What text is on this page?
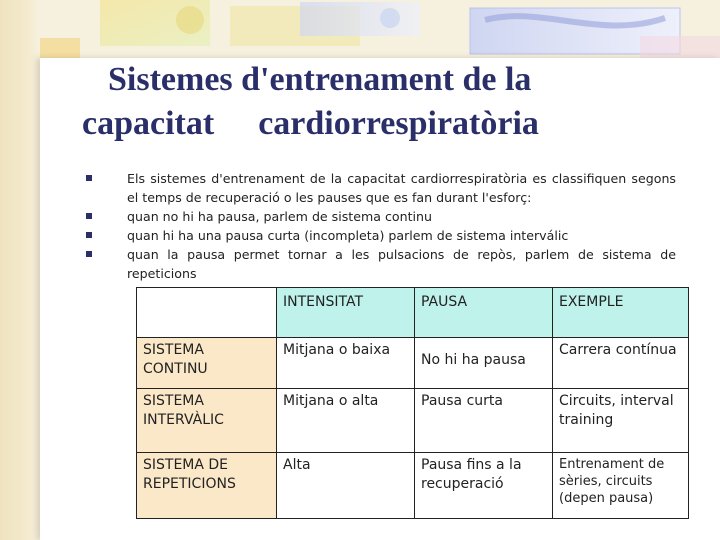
Sistemes d'entrenament de la
capacitat cardiorrespiratòria
Els sistemes d'entrenament de la capacitat cardiorrespiratòria es classifiquen segons el temps de recuperació o les pauses que es fan durant l'esforç:
quan no hi ha pausa, parlem de sistema continu
quan hi ha una pausa curta (incompleta) parlem de sistema interválic
quan la pausa permet tornar a les pulsacions de repòs, parlem de sistema de repeticions
	INTENSITAT	PAUSA	EXEMPLE
SISTEMA CONTINU	Mitjana o baixa	No hi ha pausa	Carrera contínua
SISTEMA INTERVÀLIC	Mitjana o alta	Pausa curta	Circuits, interval training
SISTEMA DE REPETICIONS	Alta	Pausa fins a la recuperació	Entrenament de sèries, circuits (depen pausa)
